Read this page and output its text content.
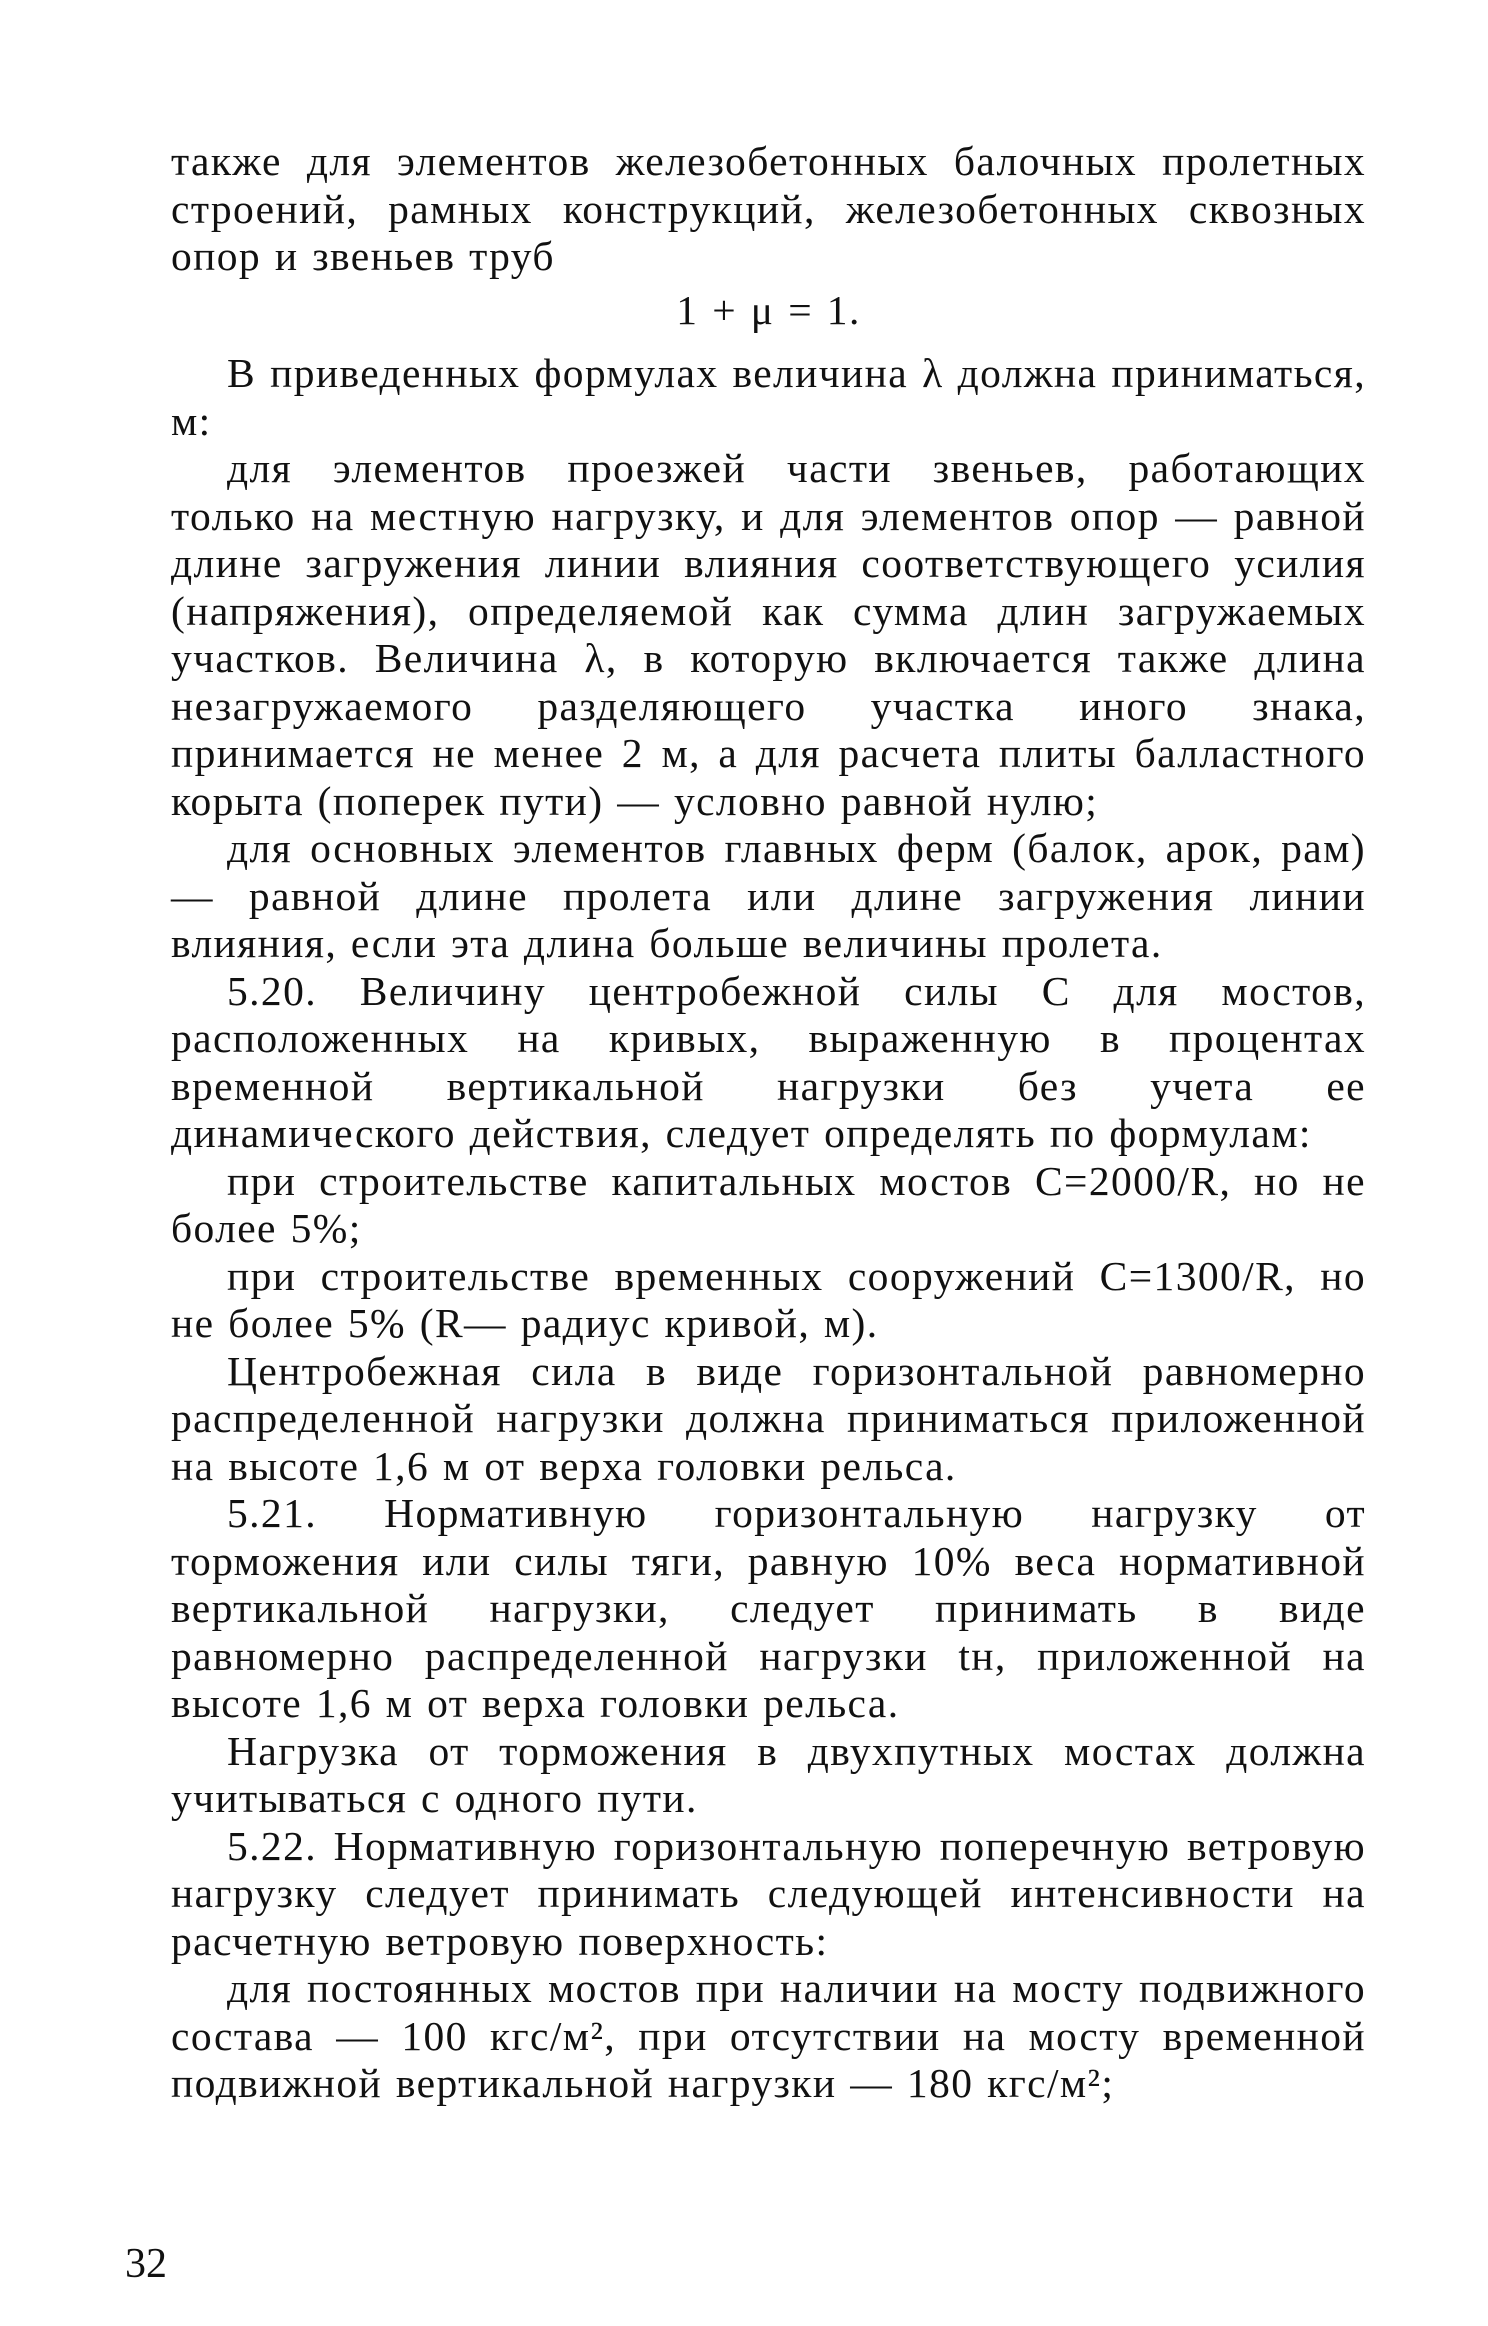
также для элементов железобетонных балочных пролетных строений, рамных конструкций, железобетонных сквозных опор и звеньев труб

1 + μ = 1.

В приведенных формулах величина λ должна приниматься, м:

для элементов проезжей части звеньев, работающих только на местную нагрузку, и для элементов опор — равной длине загружения линии влияния соответствующего усилия (напряжения), определяемой как сумма длин загружаемых участков. Величина λ, в которую включается также длина незагружаемого разделяющего участка иного знака, принимается не менее 2 м, а для расчета плиты балластного корыта (поперек пути) — условно равной нулю;

для основных элементов главных ферм (балок, арок, рам) — равной длине пролета или длине загружения линии влияния, если эта длина больше величины пролета.

5.20. Величину центробежной силы C для мостов, расположенных на кривых, выраженную в процентах временной вертикальной нагрузки без учета ее динамического действия, следует определять по формулам:

при строительстве капитальных мостов C=2000/R, но не более 5%;

при строительстве временных сооружений C=1300/R, но не более 5% (R— радиус кривой, м).

Центробежная сила в виде горизонтальной равномерно распределенной нагрузки должна приниматься приложенной на высоте 1,6 м от верха головки рельса.

5.21. Нормативную горизонтальную нагрузку от торможения или силы тяги, равную 10% веса нормативной вертикальной нагрузки, следует принимать в виде равномерно распределенной нагрузки tн, приложенной на высоте 1,6 м от верха головки рельса.

Нагрузка от торможения в двухпутных мостах должна учитываться с одного пути.

5.22. Нормативную горизонтальную поперечную ветровую нагрузку следует принимать следующей интенсивности на расчетную ветровую поверхность:

для постоянных мостов при наличии на мосту подвижного состава — 100 кгс/м², при отсутствии на мосту временной подвижной вертикальной нагрузки — 180 кгс/м²;

32
